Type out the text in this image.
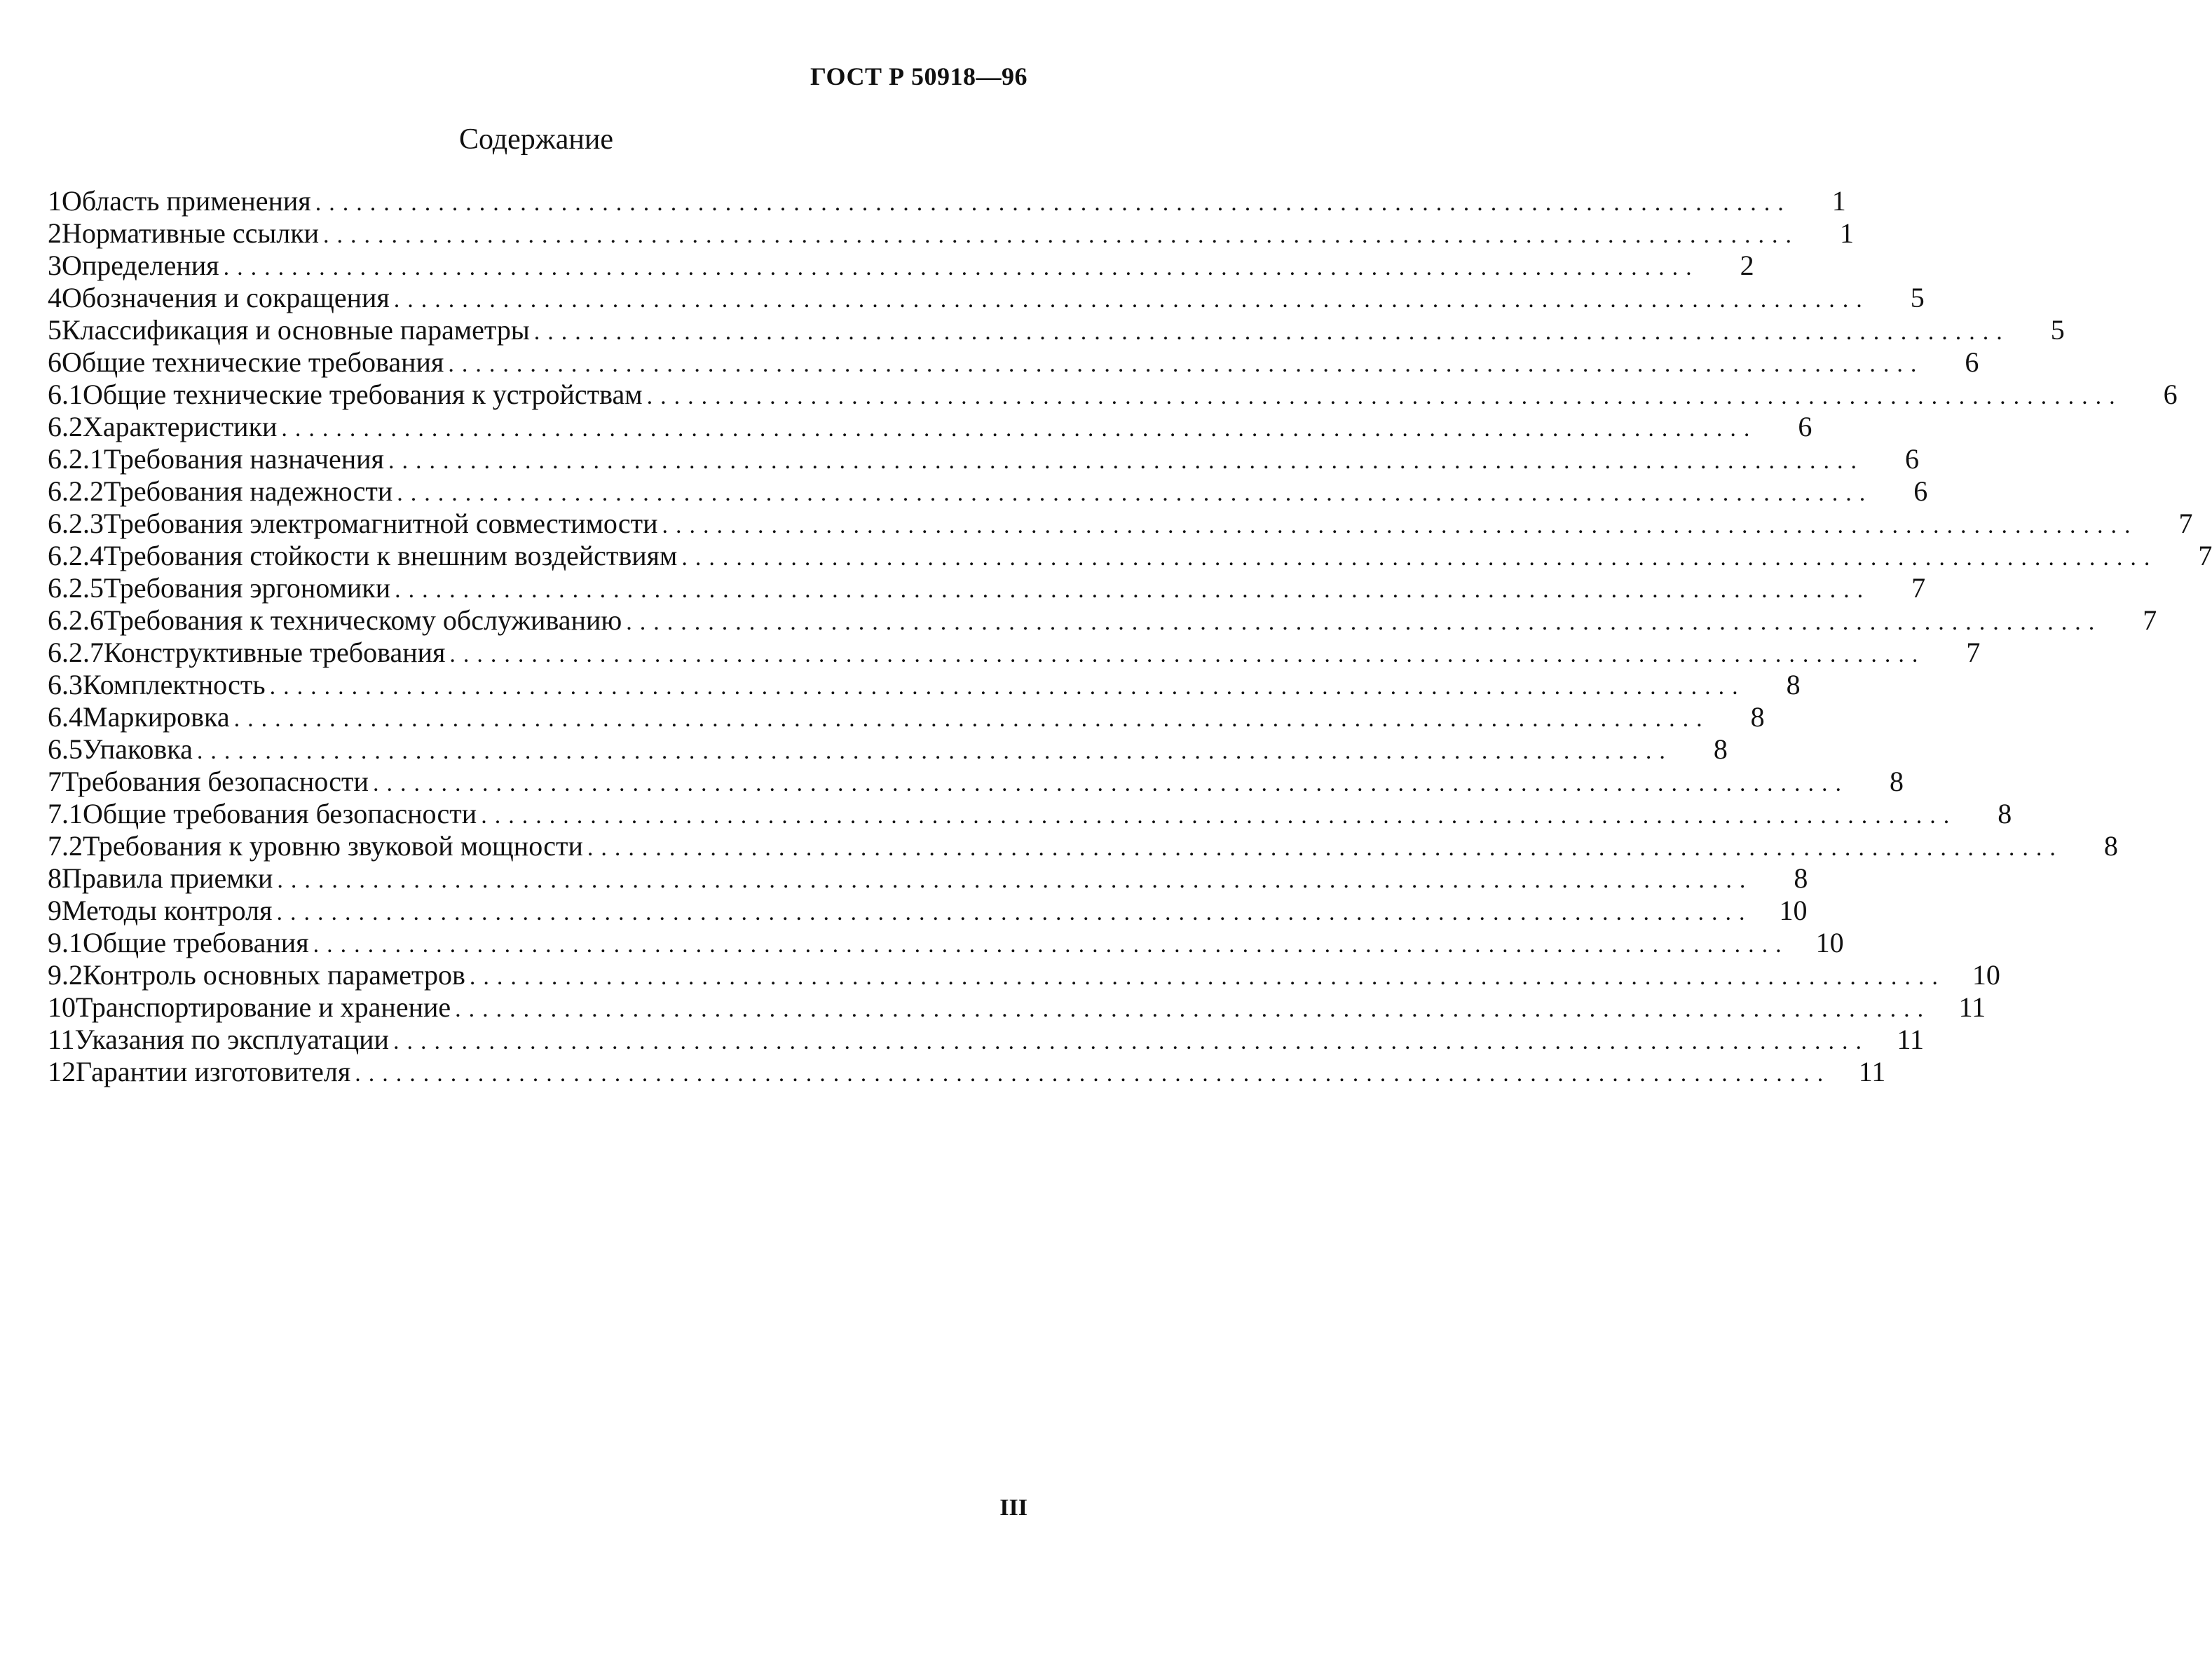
ГОСТ Р 50918—96
Содержание
1 Область применения ............................................................................................................	1
2 Нормативные ссылки ............................................................................................................	1
3 Определения ............................................................................................................	2
4 Обозначения и сокращения ............................................................................................................	5
5 Классификация и основные параметры ............................................................................................................	5
6 Общие технические требования ............................................................................................................	6
6.1 Общие технические требования к устройствам ............................................................................................................	6
6.2 Характеристики ............................................................................................................	6
6.2.1 Требования назначения ............................................................................................................	6
6.2.2 Требования надежности ............................................................................................................	6
6.2.3 Требования электромагнитной совместимости ............................................................................................................	7
6.2.4 Требования стойкости к внешним воздействиям ............................................................................................................	7
6.2.5 Требования эргономики ............................................................................................................	7
6.2.6 Требования к техническому обслуживанию ............................................................................................................	7
6.2.7 Конструктивные требования ............................................................................................................	7
6.3 Комплектность ............................................................................................................	8
6.4 Маркировка ............................................................................................................	8
6.5 Упаковка ............................................................................................................	8
7 Требования безопасности ............................................................................................................	8
7.1 Общие требования безопасности ............................................................................................................	8
7.2 Требования к уровню звуковой мощности ............................................................................................................	8
8 Правила приемки ............................................................................................................	8
9 Методы контроля ............................................................................................................ 10
9.1 Общие требования ............................................................................................................ 10
9.2 Контроль основных параметров ............................................................................................................ 10
10 Транспортирование и хранение ............................................................................................................ 11
11 Указания по эксплуатации ............................................................................................................ 11
12 Гарантии изготовителя ............................................................................................................ 11
III
